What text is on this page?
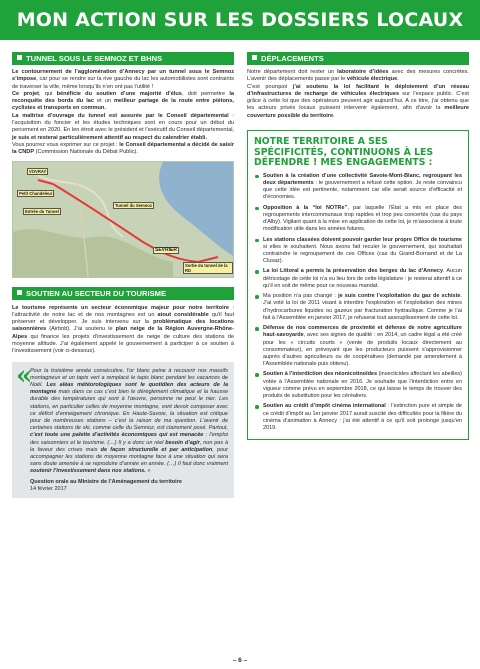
MON ACTION SUR LES DOSSIERS LOCAUX
TUNNEL SOUS LE SEMNOZ ET BHNS

Le contournement de l’agglomération d’Annecy par un tunnel sous le Semnoz s’impose, car pour se rendre sur la rive gauche du lac les automobilistes sont contraints de traverser la ville, même lorsqu’ils n’en ont pas l’utilité !

Ce projet, qui bénéficie du soutien d’une majorité d’élus, doit permettre la reconquête des bords du lac et un meilleur partage de la route entre piétons, cyclistes et transports en commun.

La maîtrise d’ouvrage du tunnel est assurée par le Conseil départemental : l’acquisition du foncier et les études techniques sont en cours pour un début du percement en 2020. En len étroit avec le président et l’exécutif du Conseil départemental, je suis et resterai particulièrement attentif au respect du calendrier établi.

Vous pourrez vous exprimer sur ce projet : le Conseil départemental a décidé de saisir la CNDP (Commission Nationale du Débat Public).

VOVRAY
Petit Chandeleur
Tunnel du Semnoz
Entrée du Tunnel
SEVRIER
Sortie du tunnel de la RD
SOUTIEN AU SECTEUR DU TOURISME

Le tourisme représente un secteur économique majeur pour notre territoire : l’attractivité de notre lac et de nos montagnes est un atout considérable qu’il faut préserver et développer. Je suis intervenu sur la problématique des locations saisonnières (Airbnb). J’ai soutenu le plan neige de la Région Auvergne-Rhône-Alpes qui finance les projets d’investissement de neige de culture des stations de moyenne altitude. J’ai également appelé le gouvernement à participer à ce soutien à l’investissement (voir ci-dessous).

«

Pour la troisième année consécutive, l’or blanc peine à recouvrir nos massifs montagneux et un tapis vert a remplacé le tapis blanc pendant les vacances de Noël. Les aléas météorologiques sont le quotidien des acteurs de la montagne mais dans ce cas c’est bien le dérèglement climatique et la hausse durable des températures qui sont à l’œuvre, personne ne peut le nier. Les stations, en particulier celles de moyenne montagne, vont devoir composer avec ce déficit d’enneigement chronique. En Haute-Savoie, la situation est critique pour de nombreuses stations – c’est la raison de ma question. L’avenir de certaines stations de ski, comme celle du Semnoz, est clairement posé. Partout, c’est toute une palette d’activités économiques qui est menacée : l’emploi des saisonniers et le tourisme. (…) Il y a donc un réel besoin d’agir, non pas à la faveur des crises mais de façon structurelle et par anticipation, pour accompagner les stations de moyenne montagne face à une situation qui sera sans doute amenée à se reproduire d’année en année. (…) Il faut donc vraiment soutenir l’investissement dans nos stations. »

Question orale au Ministre de l’Aménagement du territoire

14 février 2017

DÉPLACEMENTS

Notre département doit rester un laboratoire d’idées avec des mesures concrètes. L’avenir des déplacements passe par le véhicule électrique.

C’est pourquoi j’ai soutenu la loi facilitant le déploiement d’un réseau d’infrastructures de recharge de véhicules électriques sur l’espace public. C’est grâce à cette loi que des opérateurs peuvent agir aujourd’hui. A ce titre, j’ai obtenu que les acteurs privés locaux puissent intervenir également, afin d’avoir la meilleure couverture possible du territoire.

NOTRE TERRITOIRE A SES SPÉCIFICITÉS, CONTINUONS À LES DÉFENDRE ! MES ENGAGEMENTS :
Soutien à la création d’une collectivité Savoie-Mont-Blanc, regroupant les deux départements : le gouvernement a refusé cette option. Je reste convaincu que cette idée est pertinente, notamment car elle serait source d’efficacité et d’économies.
Opposition à la “loi NOTRe”, par laquelle l’État a mis en place des regroupements intercommunaux trop rapides et trop peu concertés (cas du pays d’Alby). Vigilant quant à la mise en application de cette loi, je m’associerai à toute modification utile dans les années futures.
Les stations classées doivent pouvoir garder leur propre Office de tourisme si elles le souhaitent. Nous avons fait reculer le gouvernement, qui souhaitait contraindre le regroupement de ces Offices (cas du Grand-Bornand et de La Clusaz).
La loi Littoral a permis la préservation des berges du lac d’Annecy. Aucun détricotage de cette loi n’a eu lieu lors de cette législature : je resterai attentif à ce qu’il en soit de même pour ce nouveau mandat.
Ma position n’a pas changé : je suis contre l’exploitation du gaz de schiste. J’ai voté la loi de 2011 visant à interdire l’exploration et l’exploitation des mines d’hydrocarbures liquides ou gazeux par fracturation hydraulique. Comme je l’ai fait à l’Assemblée en janvier 2017, je refuserai tout assouplissement de cette loi.
Défense de nos commerces de proximité et défense de notre agriculture haut-savoyarde, avec ses signes de qualité : en 2014, un cadre légal a été créé pour les « circuits courts » (vente de produits locaux directement au consommateur), en prévoyant que les producteurs puissent s’approvisionner auprès d’autres agriculteurs ou de coopératives (demandé par amendement à l’Assemblée nationale puis obtenu).
Soutien à l’interdiction des néonicotinoïdes (insecticides affectant les abeilles) votée à l’Assemblée nationale en 2016. Je souhaite que l’interdiction entre en vigueur comme prévu en septembre 2018, ce qui laisse le temps de trouver des produits de substitution pour les céréaliers.
Soutien au crédit d’impôt cinéma international : l’extinction pure et simple de ce crédit d’impôt au 1er janvier 2017 aurait suscité des difficultés pour la filière du cinéma d’animation à Annecy : j’ai été attentif à ce qu’il soit prolongé jusqu’en 2019.
– 6 –
